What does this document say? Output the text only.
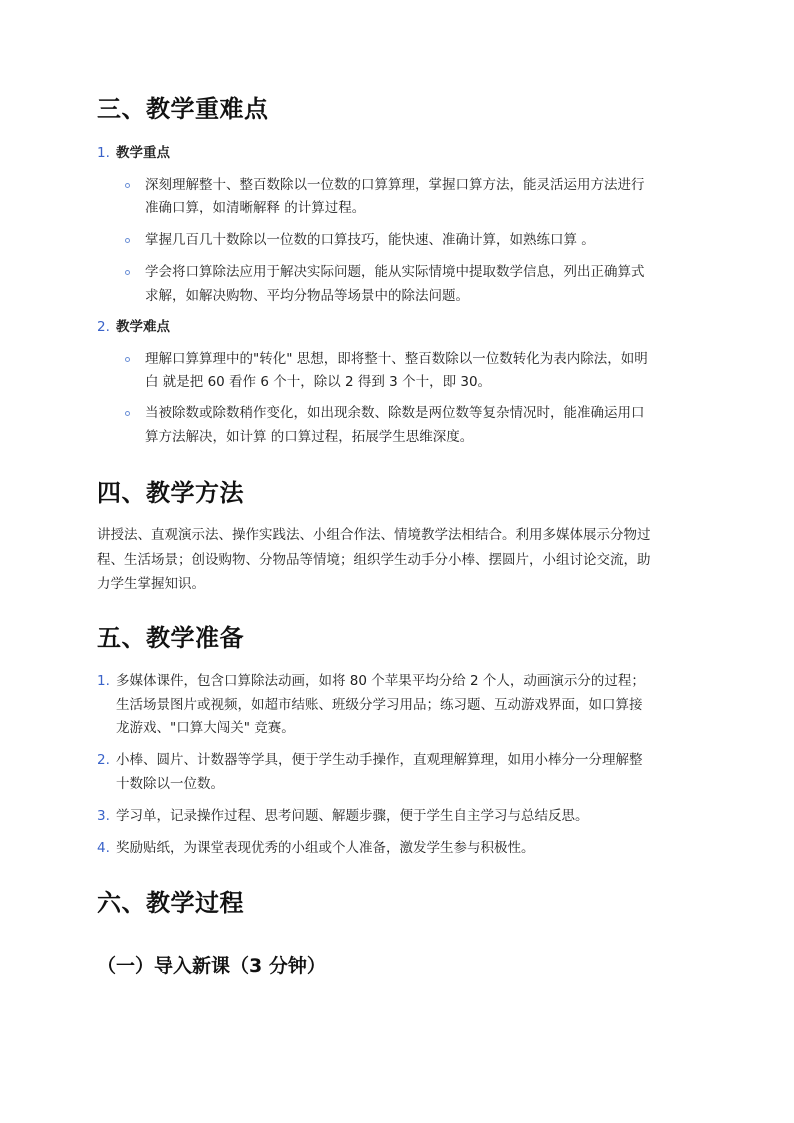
三、教学重难点
1. 教学重点
深刻理解整十、整百数除以一位数的口算算理，掌握口算方法，能灵活运用方法进行
准确口算，如清晰解释 的计算过程。
掌握几百几十数除以一位数的口算技巧，能快速、准确计算，如熟练口算 。
学会将口算除法应用于解决实际问题，能从实际情境中提取数学信息，列出正确算式
求解，如解决购物、平均分物品等场景中的除法问题。
2. 教学难点
理解口算算理中的"转化" 思想，即将整十、整百数除以一位数转化为表内除法，如明
白 就是把 60 看作 6 个十，除以 2 得到 3 个十，即 30。
当被除数或除数稍作变化，如出现余数、除数是两位数等复杂情况时，能准确运用口
算方法解决，如计算 的口算过程，拓展学生思维深度。
四、教学方法
讲授法、直观演示法、操作实践法、小组合作法、情境教学法相结合。利用多媒体展示分物过
程、生活场景；创设购物、分物品等情境；组织学生动手分小棒、摆圆片，小组讨论交流，助
力学生掌握知识。
五、教学准备
1. 多媒体课件，包含口算除法动画，如将 80 个苹果平均分给 2 个人，动画演示分的过程；
生活场景图片或视频，如超市结账、班级分学习用品；练习题、互动游戏界面，如口算接
龙游戏、"口算大闯关" 竞赛。
2. 小棒、圆片、计数器等学具，便于学生动手操作，直观理解算理，如用小棒分一分理解整
十数除以一位数。
3. 学习单，记录操作过程、思考问题、解题步骤，便于学生自主学习与总结反思。
4. 奖励贴纸，为课堂表现优秀的小组或个人准备，激发学生参与积极性。
六、教学过程
（一）导入新课（3 分钟）
